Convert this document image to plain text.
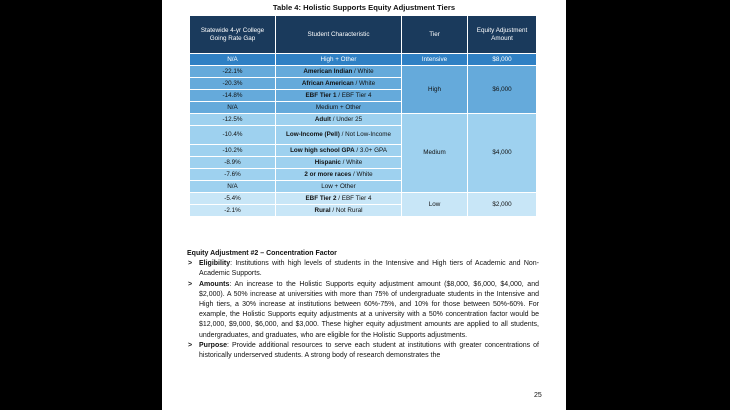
Table 4: Holistic Supports Equity Adjustment Tiers
Statewide 4-yr College Going Rate Gap	Student Characteristic	Tier	Equity Adjustment Amount
N/A	High + Other	Intensive	$8,000
-22.1%	American Indian / White	High	$6,000
-20.3%	African American / White		
-14.8%	EBF Tier 1 / EBF Tier 4		
N/A	Medium + Other		
-12.5%	Adult / Under 25	Medium	$4,000
-10.4%	Low-Income (Pell) / Not Low-Income		
-10.2%	Low high school GPA / 3.0+ GPA		
-8.9%	Hispanic / White		
-7.6%	2 or more races / White		
N/A	Low + Other		
-5.4%	EBF Tier 2 / EBF Tier 4	Low	$2,000
-2.1%	Rural / Not Rural		

Equity Adjustment #2 – Concentration Factor

> Eligibility: Institutions with high levels of students in the Intensive and High tiers of Academic and Non-Academic Supports.

> Amounts: An increase to the Holistic Supports equity adjustment amount ($8,000, $6,000, $4,000, and $2,000). A 50% increase at universities with more than 75% of undergraduate students in the Intensive and High tiers, a 30% increase at institutions between 60%-75%, and 10% for those between 50%-60%. For example, the Holistic Supports equity adjustments at a university with a 50% concentration factor would be $12,000, $9,000, $6,000, and $3,000. These higher equity adjustment amounts are applied to all students, undergraduates, and graduates, who are eligible for the Holistic Supports adjustments.

> Purpose: Provide additional resources to serve each student at institutions with greater concentrations of historically underserved students. A strong body of research demonstrates the

25
